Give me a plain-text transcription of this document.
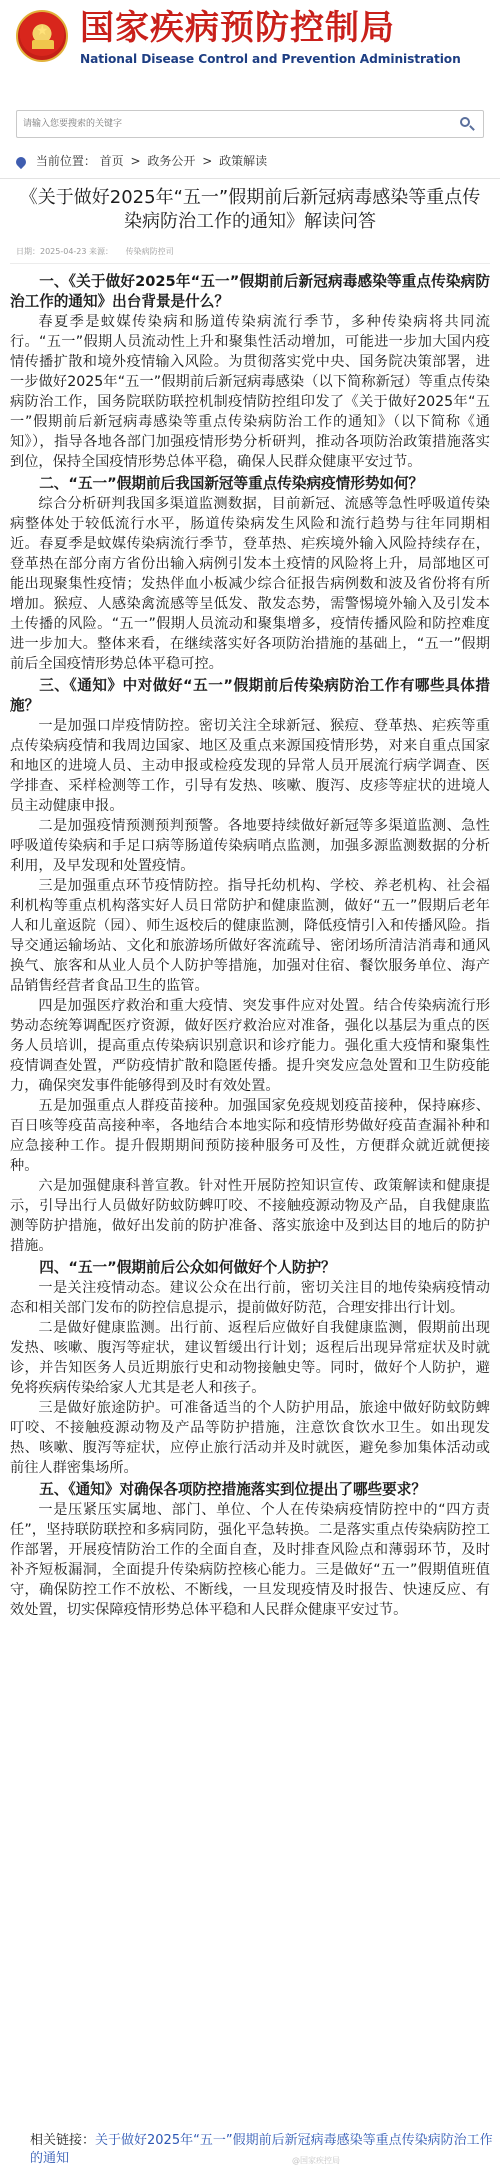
★ 国家疾病预防控制局
National Disease Control and Prevention Administration
请输入您要搜索的关键字
当前位置： 首页 > 政务公开 > 政策解读
《关于做好2025年“五一”假期前后新冠病毒感染等重点传染病防治工作的通知》解读问答
日期：2025-04-23 来源： 传染病防控司
一、《关于做好2025年“五一”假期前后新冠病毒感染等重点传染病防治工作的通知》出台背景是什么？

春夏季是蚊媒传染病和肠道传染病流行季节，多种传染病将共同流行。“五一”假期人员流动性上升和聚集性活动增加，可能进一步加大国内疫情传播扩散和境外疫情输入风险。为贯彻落实党中央、国务院决策部署，进一步做好2025年“五一”假期前后新冠病毒感染（以下简称新冠）等重点传染病防治工作，国务院联防联控机制疫情防控组印发了《关于做好2025年“五一”假期前后新冠病毒感染等重点传染病防治工作的通知》（以下简称《通知》），指导各地各部门加强疫情形势分析研判，推动各项防治政策措施落实到位，保持全国疫情形势总体平稳，确保人民群众健康平安过节。

二、“五一”假期前后我国新冠等重点传染病疫情形势如何？

综合分析研判我国多渠道监测数据，目前新冠、流感等急性呼吸道传染病整体处于较低流行水平，肠道传染病发生风险和流行趋势与往年同期相近。春夏季是蚊媒传染病流行季节，登革热、疟疾境外输入风险持续存在，登革热在部分南方省份出输入病例引发本土疫情的风险将上升，局部地区可能出现聚集性疫情；发热伴血小板减少综合征报告病例数和波及省份将有所增加。猴痘、人感染禽流感等呈低发、散发态势，需警惕境外输入及引发本土传播的风险。“五一”假期人员流动和聚集增多，疫情传播风险和防控难度进一步加大。整体来看，在继续落实好各项防治措施的基础上，“五一”假期前后全国疫情形势总体平稳可控。

三、《通知》中对做好“五一”假期前后传染病防治工作有哪些具体措施？

一是加强口岸疫情防控。密切关注全球新冠、猴痘、登革热、疟疾等重点传染病疫情和我周边国家、地区及重点来源国疫情形势，对来自重点国家和地区的进境人员、主动申报或检疫发现的异常人员开展流行病学调查、医学排查、采样检测等工作，引导有发热、咳嗽、腹泻、皮疹等症状的进境人员主动健康申报。

二是加强疫情预测预判预警。各地要持续做好新冠等多渠道监测、急性呼吸道传染病和手足口病等肠道传染病哨点监测，加强多源监测数据的分析利用，及早发现和处置疫情。

三是加强重点环节疫情防控。指导托幼机构、学校、养老机构、社会福利机构等重点机构落实好人员日常防护和健康监测，做好“五一”假期后老年人和儿童返院（园）、师生返校后的健康监测，降低疫情引入和传播风险。指导交通运输场站、文化和旅游场所做好客流疏导、密闭场所清洁消毒和通风换气、旅客和从业人员个人防护等措施，加强对住宿、餐饮服务单位、海产品销售经营者食品卫生的监管。

四是加强医疗救治和重大疫情、突发事件应对处置。结合传染病流行形势动态统筹调配医疗资源，做好医疗救治应对准备，强化以基层为重点的医务人员培训，提高重点传染病识别意识和诊疗能力。强化重大疫情和聚集性疫情调查处置，严防疫情扩散和隐匿传播。提升突发应急处置和卫生防疫能力，确保突发事件能够得到及时有效处置。

五是加强重点人群疫苗接种。加强国家免疫规划疫苗接种，保持麻疹、百日咳等疫苗高接种率，各地结合本地实际和疫情形势做好疫苗查漏补种和应急接种工作。提升假期期间预防接种服务可及性，方便群众就近就便接种。

六是加强健康科普宣教。针对性开展防控知识宣传、政策解读和健康提示，引导出行人员做好防蚊防蜱叮咬、不接触疫源动物及产品，自我健康监测等防护措施，做好出发前的防护准备、落实旅途中及到达目的地后的防护措施。

四、“五一”假期前后公众如何做好个人防护？

一是关注疫情动态。建议公众在出行前，密切关注目的地传染病疫情动态和相关部门发布的防控信息提示，提前做好防范，合理安排出行计划。

二是做好健康监测。出行前、返程后应做好自我健康监测，假期前出现发热、咳嗽、腹泻等症状，建议暂缓出行计划；返程后出现异常症状及时就诊，并告知医务人员近期旅行史和动物接触史等。同时，做好个人防护，避免将疾病传染给家人尤其是老人和孩子。

三是做好旅途防护。可准备适当的个人防护用品，旅途中做好防蚊防蜱叮咬、不接触疫源动物及产品等防护措施，注意饮食饮水卫生。如出现发热、咳嗽、腹泻等症状，应停止旅行活动并及时就医，避免参加集体活动或前往人群密集场所。

五、《通知》对确保各项防控措施落实到位提出了哪些要求？

一是压紧压实属地、部门、单位、个人在传染病疫情防控中的“四方责任”，坚持联防联控和多病同防，强化平急转换。二是落实重点传染病防控工作部署，开展疫情防治工作的全面自查，及时排查风险点和薄弱环节，及时补齐短板漏洞，全面提升传染病防控核心能力。三是做好“五一”假期值班值守，确保防控工作不放松、不断线，一旦发现疫情及时报告、快速反应、有效处置，切实保障疫情形势总体平稳和人民群众健康平安过节。

相关链接：关于做好2025年“五一”假期前后新冠病毒感染等重点传染病防治工作的通知	@国家疾控局
